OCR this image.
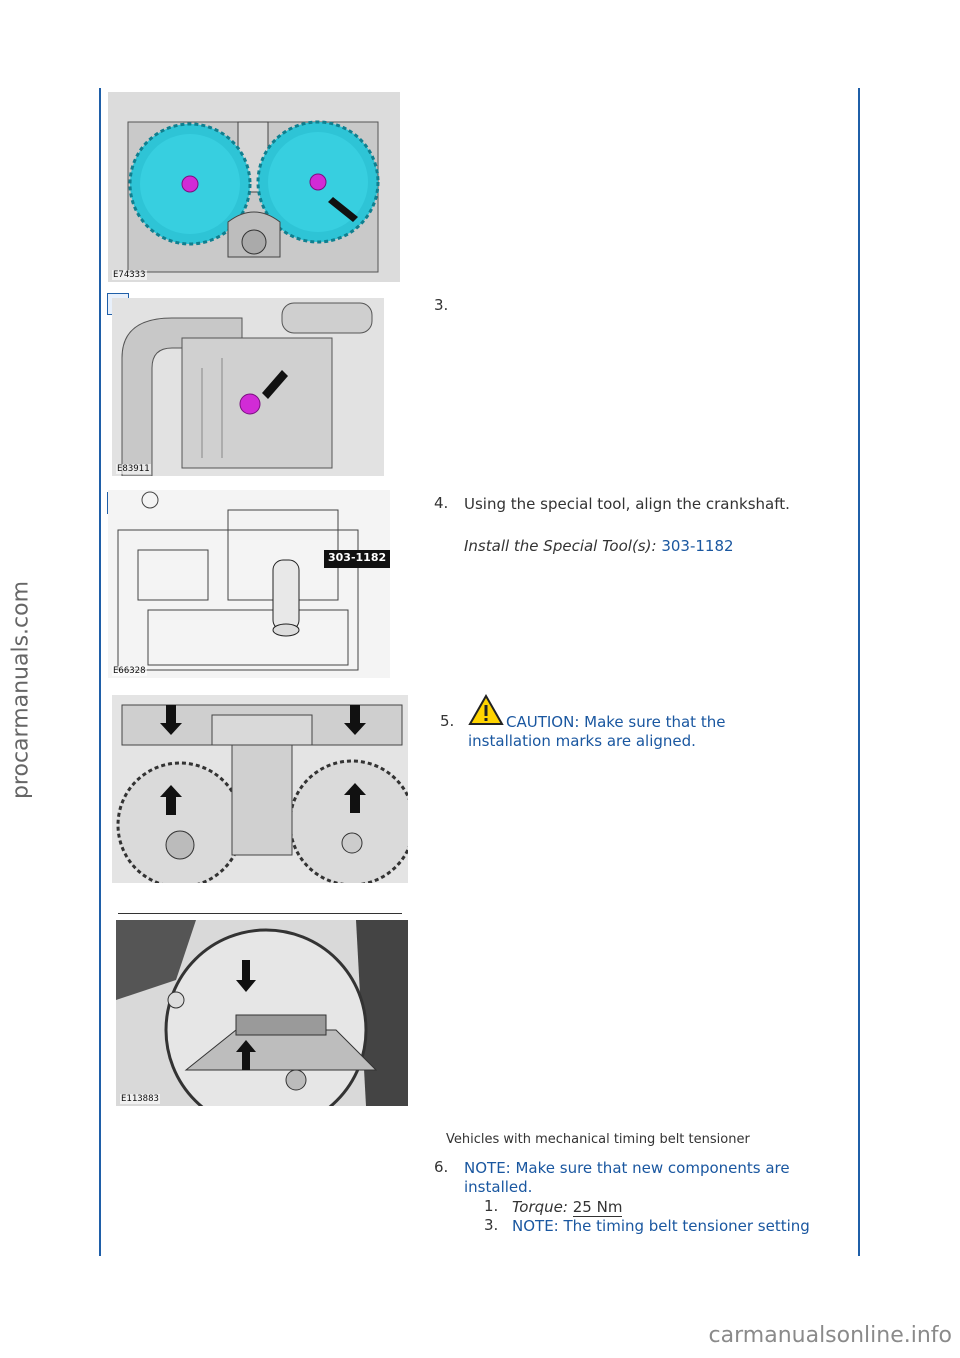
procarmanuals.com
carmanualsonline.info
E74333
E83911
3.
303-1182
E66328
4. Using the special tool, align the crankshaft.
Install the Special Tool(s): 303-1182
5.	CAUTION: Make sure that the
installation marks are aligned.
E113883
Vehicles with mechanical timing belt tensioner
6. NOTE: Make sure that new components are
installed.
1. Torque: 25 Nm
3. NOTE: The timing belt tensioner setting
